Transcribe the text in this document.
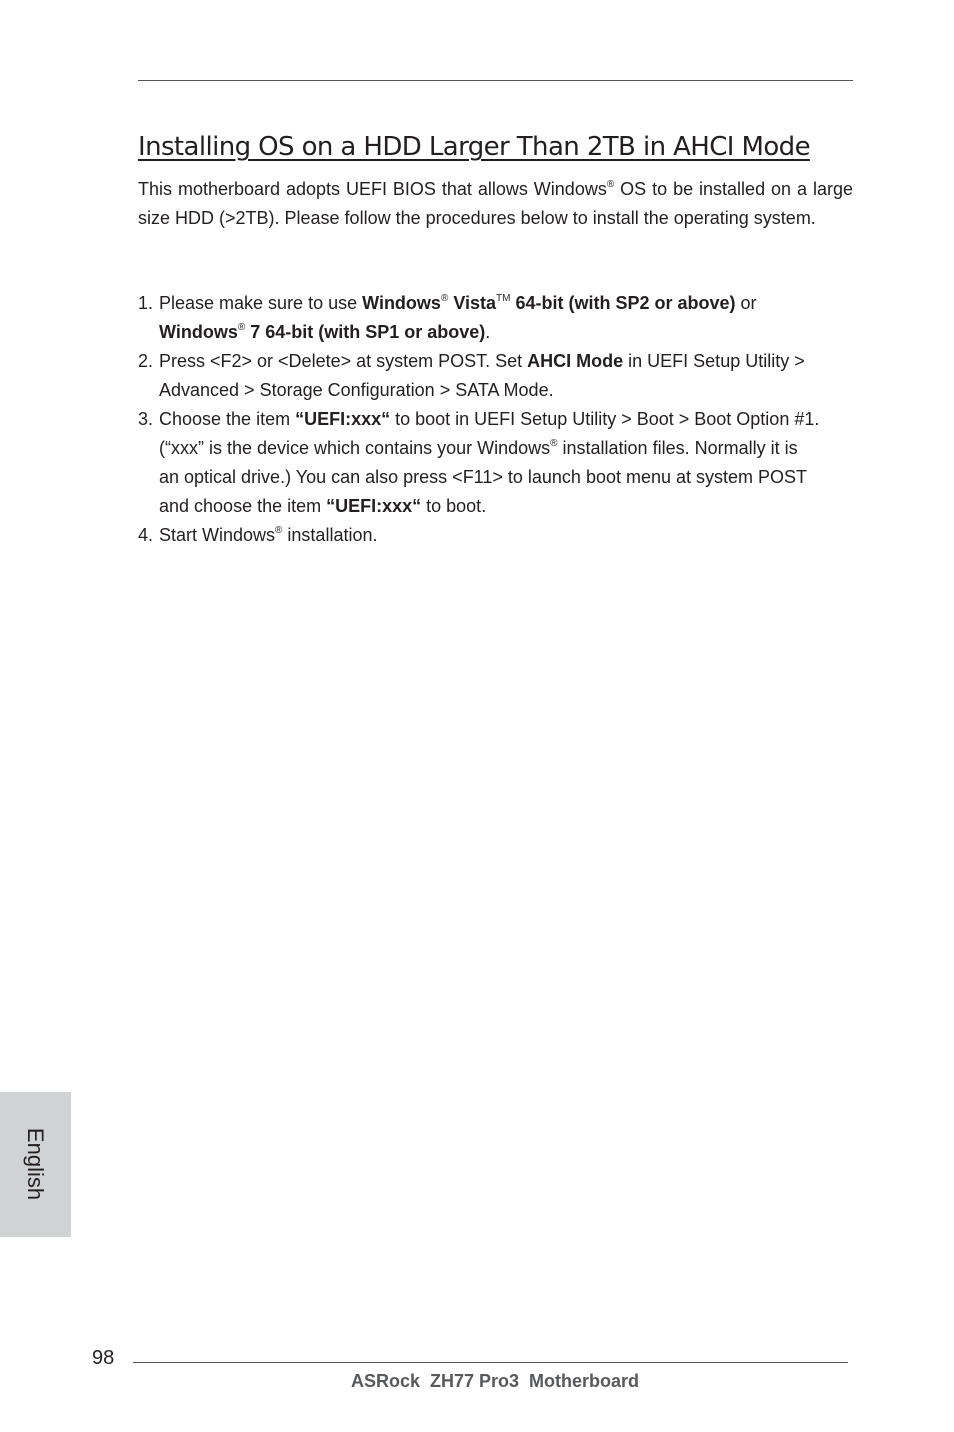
Installing OS on a HDD Larger Than 2TB in AHCI Mode

This motherboard adopts UEFI BIOS that allows Windows® OS to be installed on a large size HDD (>2TB). Please follow the procedures below to install the operating system.

1. Please make sure to use Windows® Vista™ 64-bit (with SP2 or above) or
Windows® 7 64-bit (with SP1 or above).

2. Press <F2> or <Delete> at system POST. Set AHCI Mode in UEFI Setup Utility >
Advanced > Storage Configuration > SATA Mode.

3. Choose the item “UEFI:xxx“ to boot in UEFI Setup Utility > Boot > Boot Option #1.
(“xxx” is the device which contains your Windows® installation files. Normally it is
an optical drive.) You can also press <F11> to launch boot menu at system POST
and choose the item “UEFI:xxx“ to boot.

4. Start Windows® installation.

English
98
ASRock  ZH77 Pro3  Motherboard
